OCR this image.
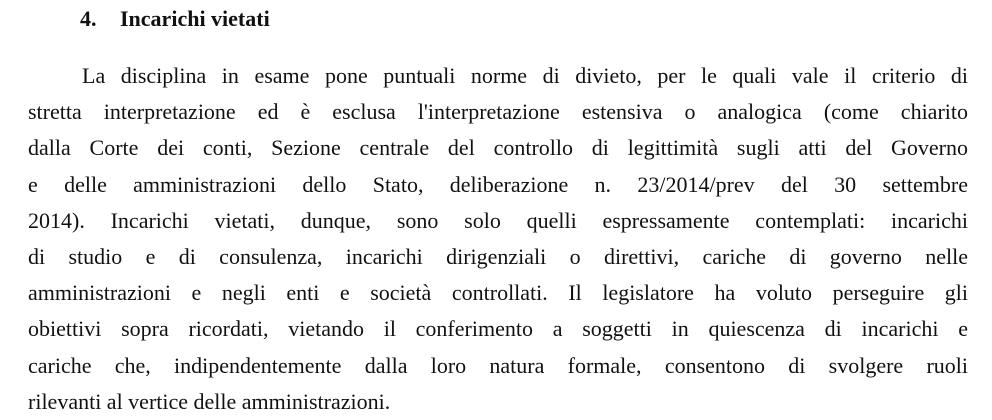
4. Incarichi vietati
La disciplina in esame pone puntuali norme di divieto, per le quali vale il criterio di
stretta interpretazione ed è esclusa l'interpretazione estensiva o analogica (come chiarito
dalla Corte dei conti, Sezione centrale del controllo di legittimità sugli atti del Governo
e delle amministrazioni dello Stato, deliberazione n. 23/2014/prev del 30 settembre
2014). Incarichi vietati, dunque, sono solo quelli espressamente contemplati: incarichi
di studio e di consulenza, incarichi dirigenziali o direttivi, cariche di governo nelle
amministrazioni e negli enti e società controllati. Il legislatore ha voluto perseguire gli
obiettivi sopra ricordati, vietando il conferimento a soggetti in quiescenza di incarichi e
cariche che, indipendentemente dalla loro natura formale, consentono di svolgere ruoli
rilevanti al vertice delle amministrazioni.
